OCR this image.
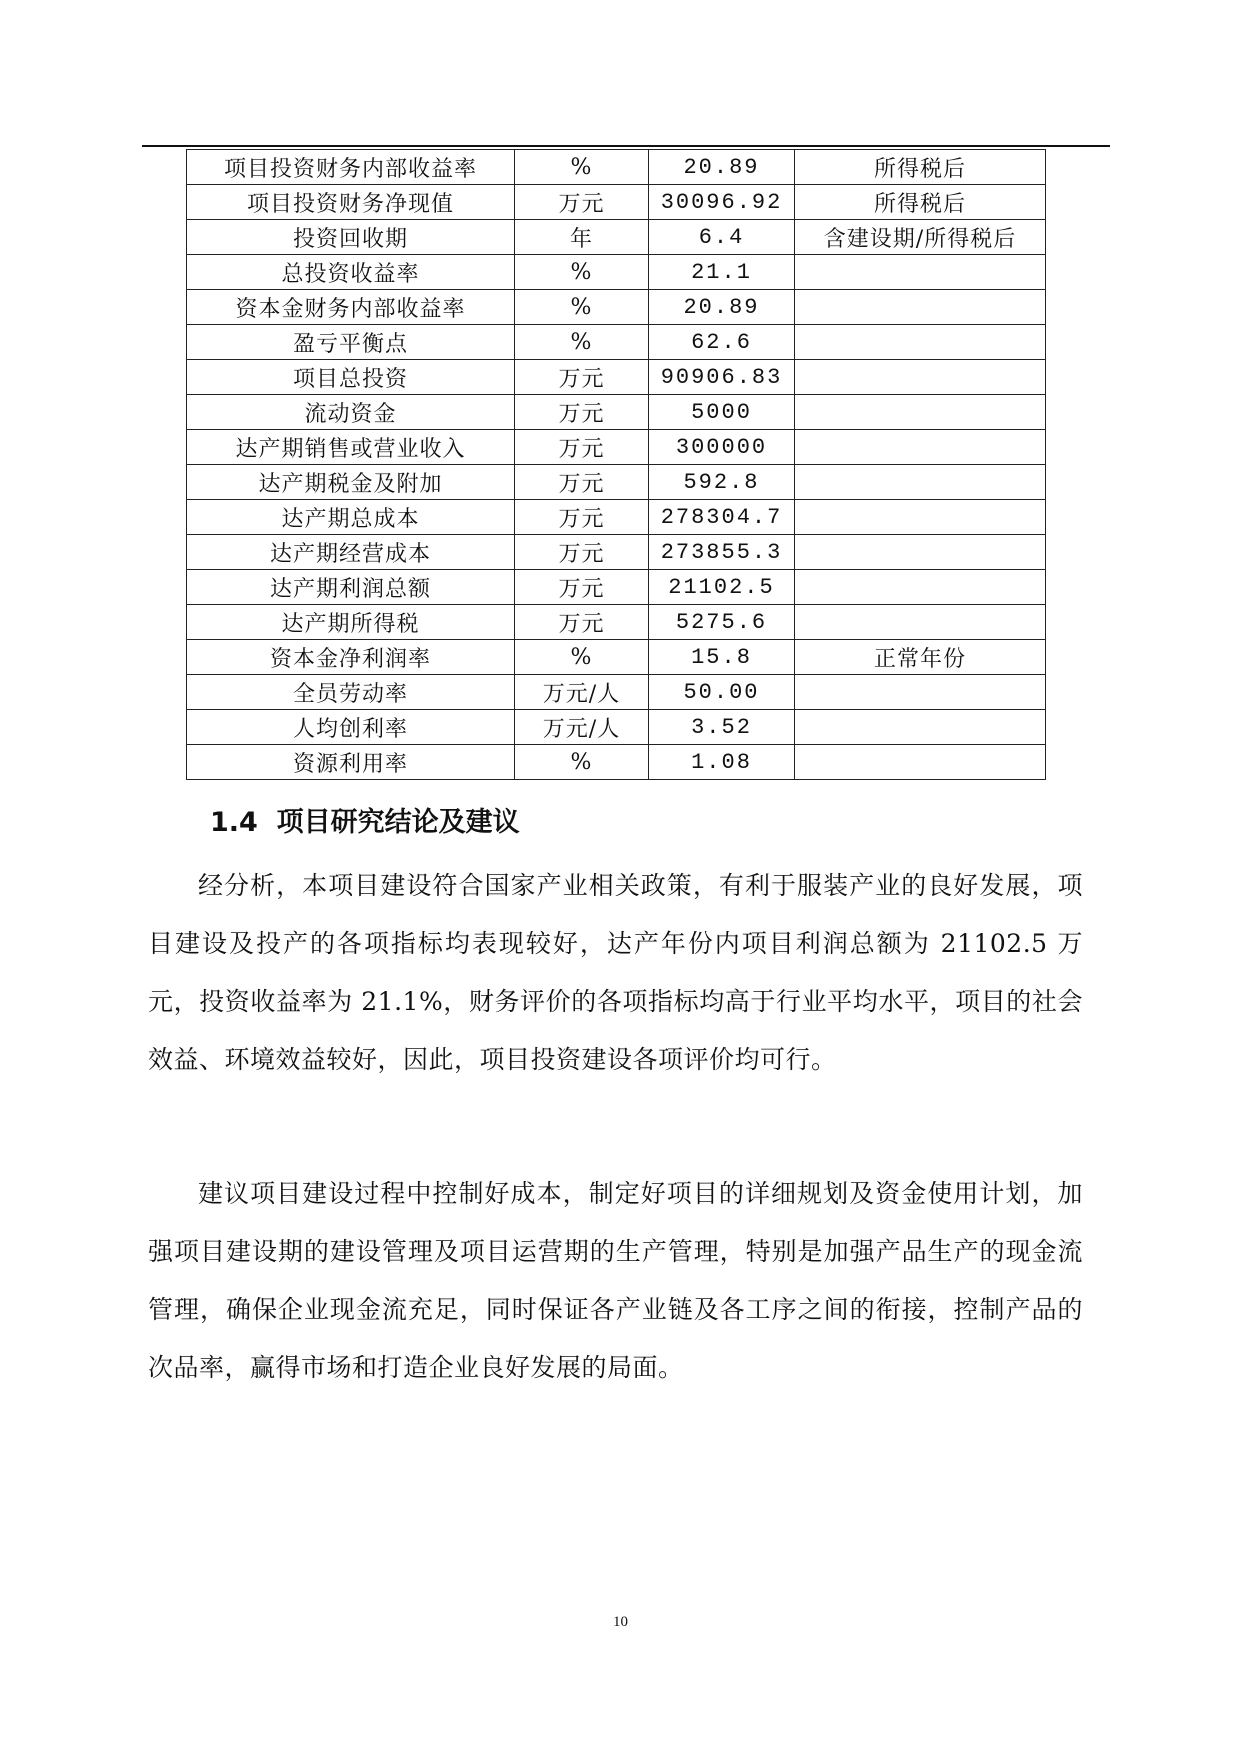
项目投资财务内部收益率	%	20.89	所得税后
项目投资财务净现值	万元	30096.92	所得税后
投资回收期	年	6.4	含建设期/所得税后
总投资收益率	%	21.1	
资本金财务内部收益率	%	20.89	
盈亏平衡点	%	62.6	
项目总投资	万元	90906.83	
流动资金	万元	5000	
达产期销售或营业收入	万元	300000	
达产期税金及附加	万元	592.8	
达产期总成本	万元	278304.7	
达产期经营成本	万元	273855.3	
达产期利润总额	万元	21102.5	
达产期所得税	万元	5275.6	
资本金净利润率	%	15.8	正常年份
全员劳动率	万元/人	50.00	
人均创利率	万元/人	3.52	
资源利用率	%	1.08	
1.4 项目研究结论及建议

经分析，本项目建设符合国家产业相关政策，有利于服装产业的良好发展，项目建设及投产的各项指标均表现较好，达产年份内项目利润总额为 21102.5 万元，投资收益率为 21.1%，财务评价的各项指标均高于行业平均水平，项目的社会效益、环境效益较好，因此，项目投资建设各项评价均可行。

建议项目建设过程中控制好成本，制定好项目的详细规划及资金使用计划，加强项目建设期的建设管理及项目运营期的生产管理，特别是加强产品生产的现金流管理，确保企业现金流充足，同时保证各产业链及各工序之间的衔接，控制产品的次品率，赢得市场和打造企业良好发展的局面。

10
